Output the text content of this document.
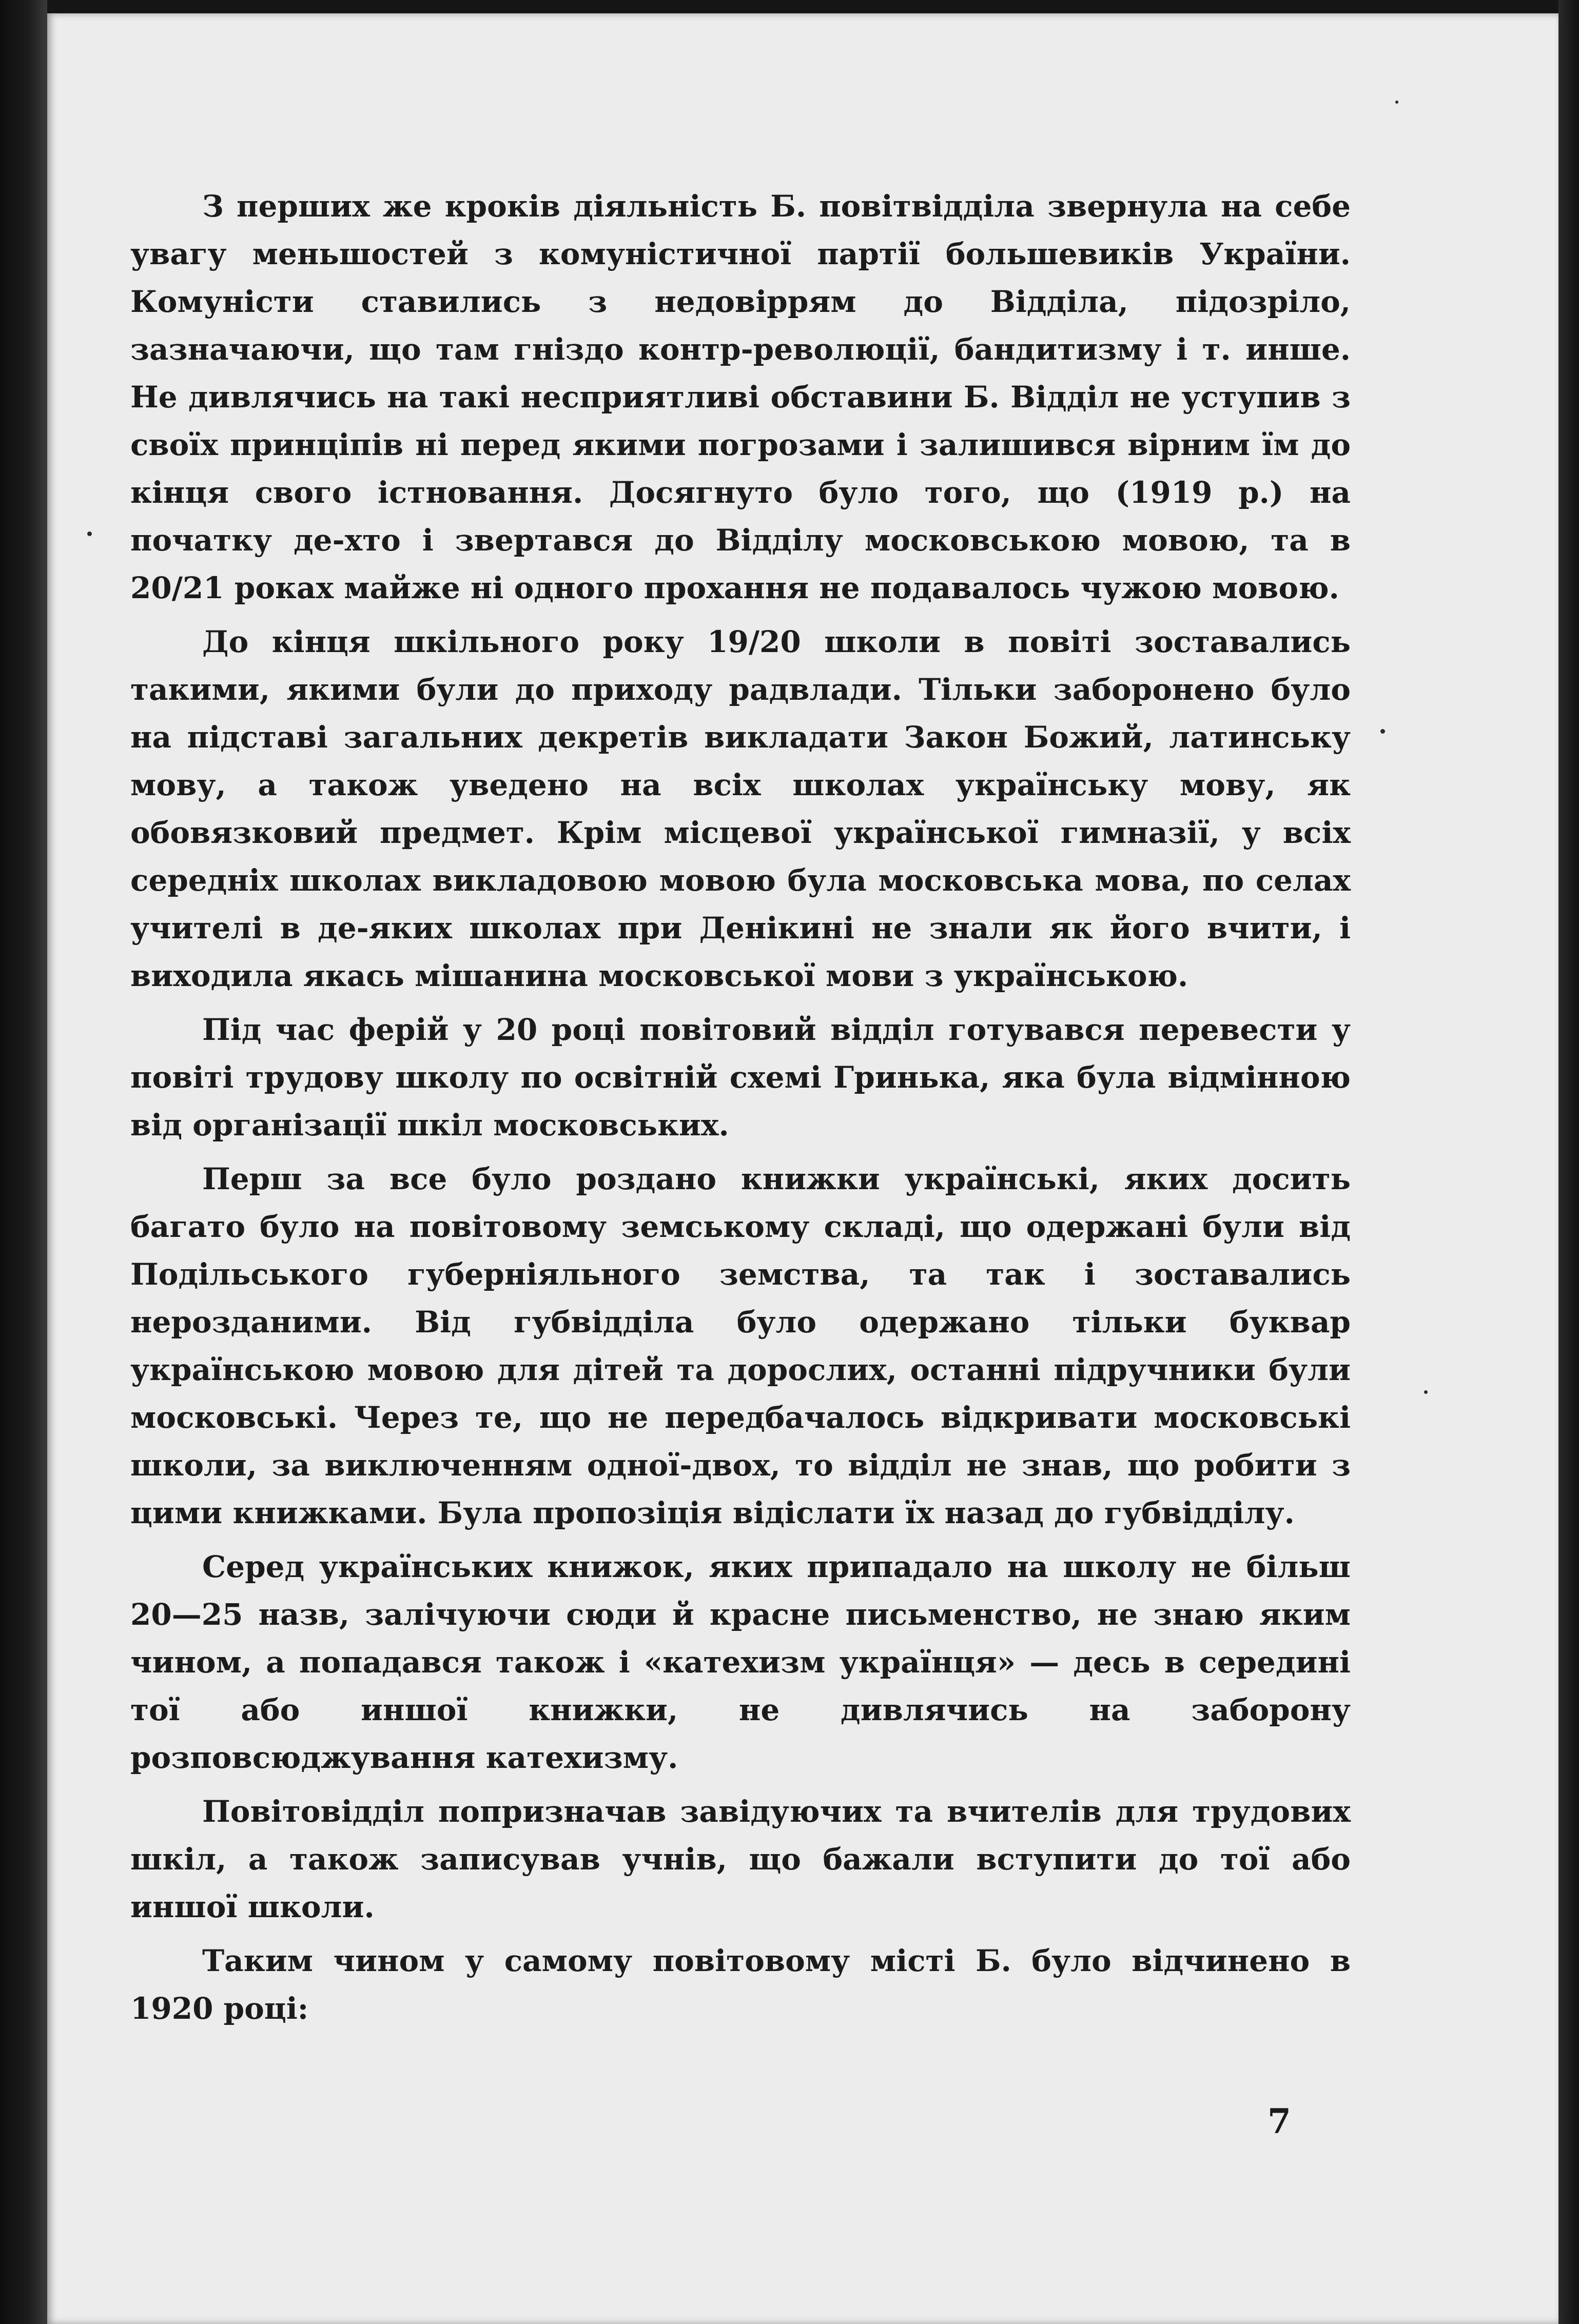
З перших же кроків діяльність Б. повітвідділа звернула на себе увагу меньшостей з комуністичної партії большевиків України. Комуністи ставились з недовіррям до Відділа, підозріло, зазначаючи, що там гніздо контр-революції, бандитизму і т. инше. Не дивлячись на такі несприятливі обставини Б. Відділ не уступив з своїх принціпів ні перед якими погрозами і залишився вірним їм до кінця свого істновання. Досягнуто було того, що (1919 р.) на початку де-хто і звертався до Відділу московською мовою, та в 20/21 роках майже ні одного прохання не подавалось чужою мовою.

До кінця шкільного року 19/20 школи в повіті зоставались такими, якими були до приходу радвлади. Тільки заборонено було на підставі загальних декретів викладати Закон Божий, латинську мову, а також уведено на всіх школах українську мову, як обовязковий предмет. Крім місцевої української гимназії, у всіх середніх школах викладовою мовою була московська мова, по селах учителі в де-яких школах при Денікині не знали як його вчити, і виходила якась мішанина московської мови з українською.

Під час ферій у 20 році повітовий відділ готувався перевести у повіті трудову школу по освітній схемі Гринька, яка була відмінною від організації шкіл московських.

Перш за все було роздано книжки українські, яких досить багато було на повітовому земському складі, що одержані були від Подільського губерніяльного земства, та так і зоставались нерозданими. Від губвідділа було одержано тільки буквар українською мовою для дітей та дорослих, останні підручники були московські. Через те, що не передбачалось відкривати московські школи, за виключенням одної-двох, то відділ не знав, що робити з цими книжками. Була пропозіція відіслати їх назад до губвідділу.

Серед українських книжок, яких припадало на школу не більш 20—25 назв, залічуючи сюди й красне письменство, не знаю яким чином, а попадався також і «катехизм українця» — десь в середині тої або иншої книжки, не дивлячись на заборону розповсюджування катехизму.

Повітовідділ попризначав завідуючих та вчителів для трудових шкіл, а також записував учнів, що бажали вступити до тої або иншої школи.

Таким чином у самому повітовому місті Б. було відчинено в 1920 році:

7
